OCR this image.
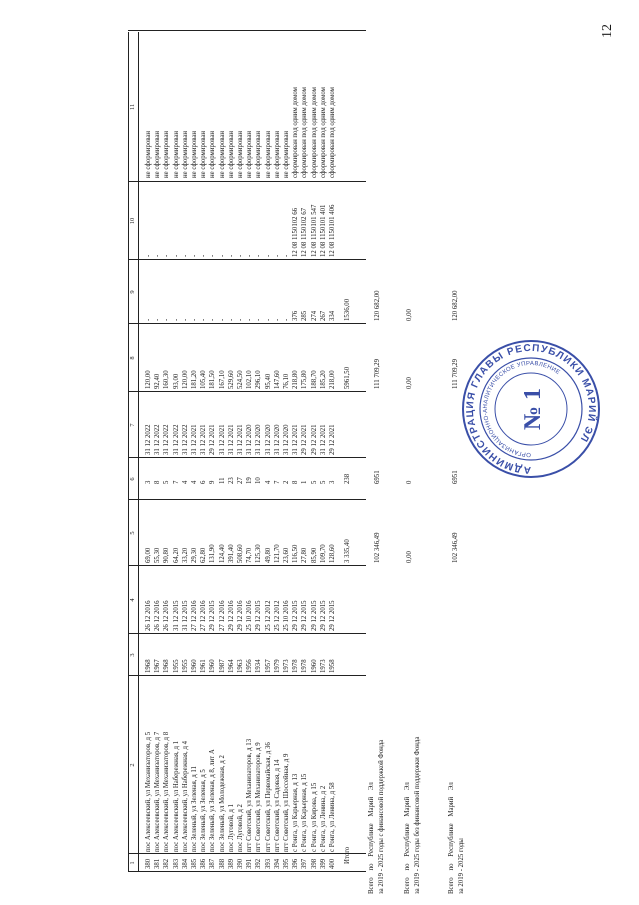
12
1
2
3
4
5
6
7
8
9
10
11
380
пос Алексеевский, ул Механизаторов, д 5
1968
26 12 2016
69,00
3
31 12 2022
120,00
-
-
не сформирован
381
пос Алексеевский, ул Механизаторов, д 7
1967
26 12 2016
55,30
8
31 12 2022
92,40
-
-
не сформирован
382
пос Алексеевский, ул Механизаторов, д 8
1968
26 12 2016
90,80
5
31 12 2022
160,30
-
-
не сформирован
383
пос Алексеевский, ул Набережная, д 1
1955
31 12 2015
64,20
7
31 12 2022
93,00
-
-
не сформирован
384
пос Алексеевский, ул Набережная, д 4
1955
31 12 2015
33,20
4
31 12 2022
120,00
-
-
не сформирован
385
пос Зеленый, ул Зеленая, д 11
1960
27 12 2016
29,30
4
31 12 2021
181,20
-
-
не сформирован
386
пос Зеленый, ул Зеленая, д 5
1961
27 12 2016
62,80
6
31 12 2021
105,40
-
-
не сформирован
387
пос Зеленый, ул Зеленая, д 8, лит А
1960
29 12 2015
131,90
9
29 12 2021
181,50
-
-
не сформирован
388
пос Зеленый, ул Молодежная, д 2
1987
27 12 2016
124,40
11
31 12 2021
167,10
-
-
не сформирован
389
пос Луговой, д 1
1964
29 12 2016
391,40
23
31 12 2021
529,60
-
-
не сформирован
390
пос Луговой, д 2
1963
29 12 2016
508,60
27
31 12 2021
524,50
-
-
не сформирован
391
пгт Советский, ул Механизаторов, д 13
1956
25 10 2016
74,70
19
31 12 2020
102,10
-
-
не сформирован
392
пгт Советский, ул Механизаторов, д 9
1934
29 12 2015
125,30
10
31 12 2020
296,10
-
-
не сформирован
393
пгт Советский, ул Первомайская, д 36
1957
25 12 2012
49,80
4
31 12 2020
95,40
-
-
не сформирован
394
пгт Советский, ул Садовая, д 14
1979
25 12 2012
121,70
7
31 12 2020
147,60
-
-
не сформирован
395
пгт Советский, ул Шоссейная, д 9
1973
25 10 2016
23,60
2
31 12 2020
76,10
-
-
не сформирован
396
с Ронга, ул Карьерная, д 13
1978
29 12 2015
116,50
8
31 12 2021
218,80
376
12 08 1150102 66
сформирован под одним домом
397
с Ронга, ул Карьерная, д 15
1978
29 12 2015
27,80
1
29 12 2021
175,80
285
12 08 1150102 67
сформирован под одним домом
398
с Ронга, ул Кирова, д 15
1960
29 12 2015
85,90
5
29 12 2021
188,70
274
12 08 1150101 547
сформирован под одним домом
399
с Ронга, ул Ленина, д 2
1973
29 12 2015
109,70
5
31 12 2021
185,20
267
12 08 1150101 401
сформирован под одним домом
400
с Ронга, ул Ленина, д 58
1958
29 12 2015
128,60
3
29 12 2021
218,00
334
12 08 1150101 406
сформирован под одним домом
Итого
3 335,40
238
5961,50
1536,00
Всего    по    Республике    Марий    Эл за 2019 - 2025 годы с финансовой поддержкой Фонда
102 346,49
6951
111 709,29
120 682,00
Всего    по    Республике    Марий    Эл за 2019 - 2025 годы без финансовой поддержки Фонда
0,00
0
0,00
0,00
Всего    по    Республике    Марий    Эл за 2019 - 2025 годы
102 346,49
6951
111 709,29
120 682,00
АДМИНИСТРАЦИЯ ГЛАВЫ РЕСПУБЛИКИ МАРИЙ ЭЛ
ОРГАНИЗАЦИОННО-АНАЛИТИЧЕСКОЕ УПРАВЛЕНИЕ
№ 1
